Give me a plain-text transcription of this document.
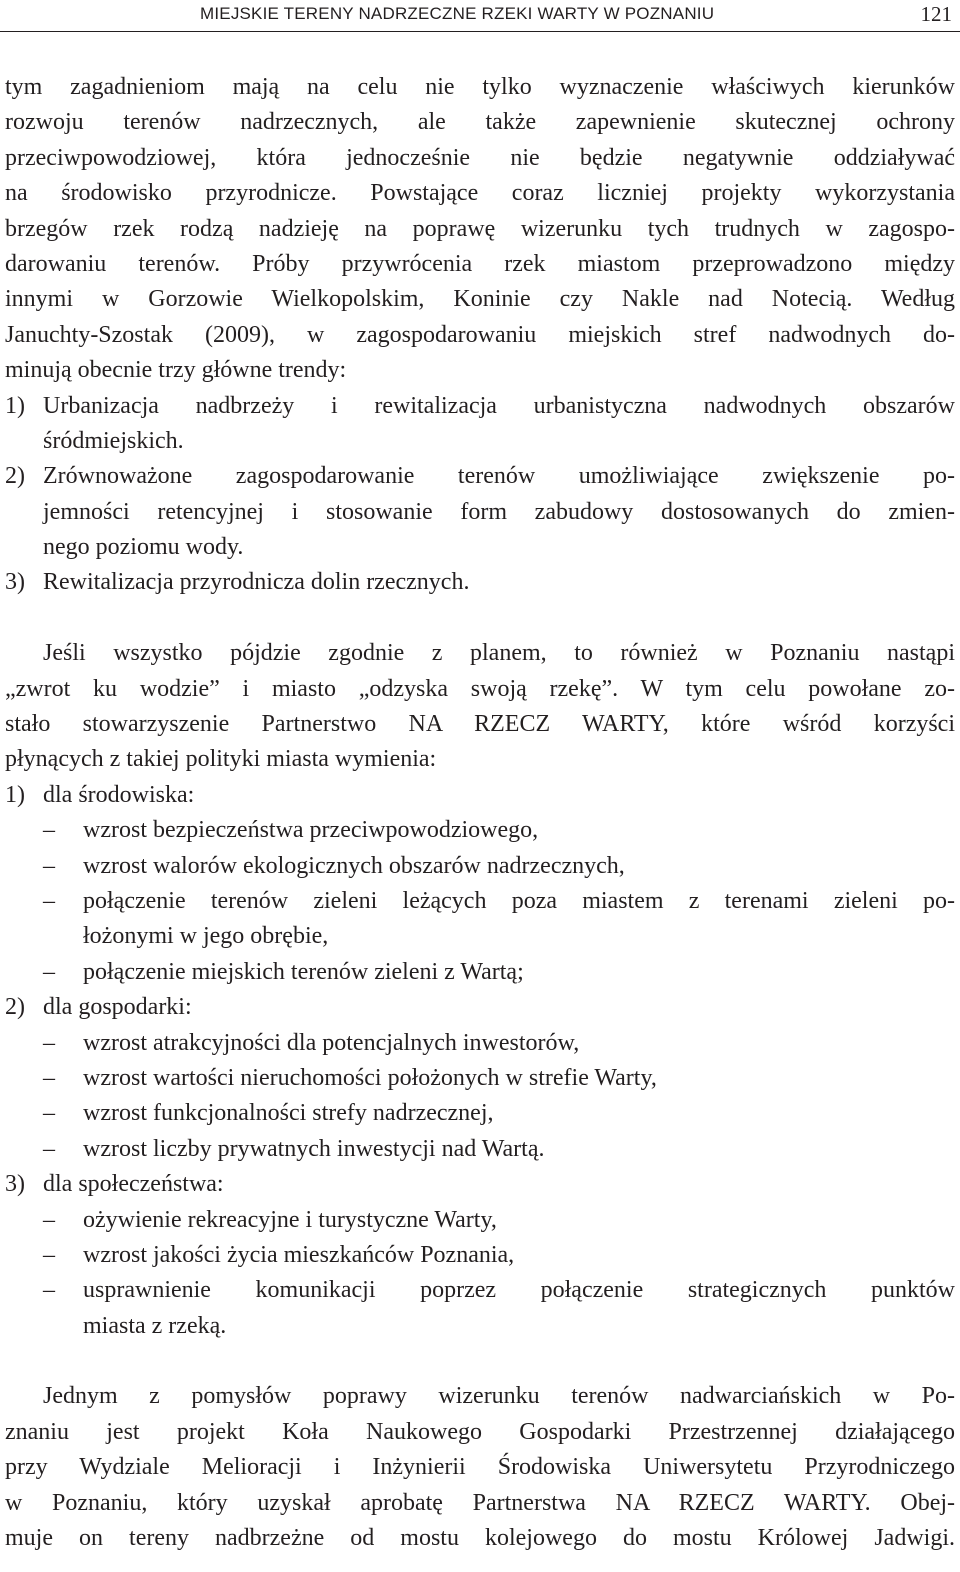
MIEJSKIE TERENY NADRZECZNE RZEKI WARTY W POZNANIU	121
tym zagadnieniom mają na celu nie tylko wyznaczenie właściwych kierunków
rozwoju terenów nadrzecznych, ale także zapewnienie skutecznej ochrony
przeciwpowodziowej, która jednocześnie nie będzie negatywnie oddziaływać
na środowisko przyrodnicze. Powstające coraz liczniej projekty wykorzystania
brzegów rzek rodzą nadzieję na poprawę wizerunku tych trudnych w zagospo-
darowaniu terenów. Próby przywrócenia rzek miastom przeprowadzono między
innymi w Gorzowie Wielkopolskim, Koninie czy Nakle nad Notecią. Według
Januchty-Szostak (2009), w zagospodarowaniu miejskich stref nadwodnych do-
minują obecnie trzy główne trendy:
1) Urbanizacja nadbrzeży i rewitalizacja urbanistyczna nadwodnych obszarów
śródmiejskich.
2) Zrównoważone zagospodarowanie terenów umożliwiające zwiększenie po-
jemności retencyjnej i stosowanie form zabudowy dostosowanych do zmien-
nego poziomu wody.
3) Rewitalizacja przyrodnicza dolin rzecznych.
Jeśli wszystko pójdzie zgodnie z planem, to również w Poznaniu nastąpi
„zwrot ku wodzie” i miasto „odzyska swoją rzekę”. W tym celu powołane zo-
stało stowarzyszenie Partnerstwo NA RZECZ WARTY, które wśród korzyści
płynących z takiej polityki miasta wymienia:
1) dla środowiska:
–	wzrost bezpieczeństwa przeciwpowodziowego,
–	wzrost walorów ekologicznych obszarów nadrzecznych,
–	połączenie terenów zieleni leżących poza miastem z terenami zieleni po-
łożonymi w jego obrębie,
–	połączenie miejskich terenów zieleni z Wartą;
2) dla gospodarki:
–	wzrost atrakcyjności dla potencjalnych inwestorów,
–	wzrost wartości nieruchomości położonych w strefie Warty,
–	wzrost funkcjonalności strefy nadrzecznej,
–	wzrost liczby prywatnych inwestycji nad Wartą.
3) dla społeczeństwa:
–	ożywienie rekreacyjne i turystyczne Warty,
–	wzrost jakości życia mieszkańców Poznania,
–	usprawnienie komunikacji poprzez połączenie strategicznych punktów
miasta z rzeką.
Jednym z pomysłów poprawy wizerunku terenów nadwarciańskich w Po-
znaniu jest projekt Koła Naukowego Gospodarki Przestrzennej działającego
przy Wydziale Melioracji i Inżynierii Środowiska Uniwersytetu Przyrodniczego
w Poznaniu, który uzyskał aprobatę Partnerstwa NA RZECZ WARTY. Obej-
muje on tereny nadbrzeżne od mostu kolejowego do mostu Królowej Jadwigi.
